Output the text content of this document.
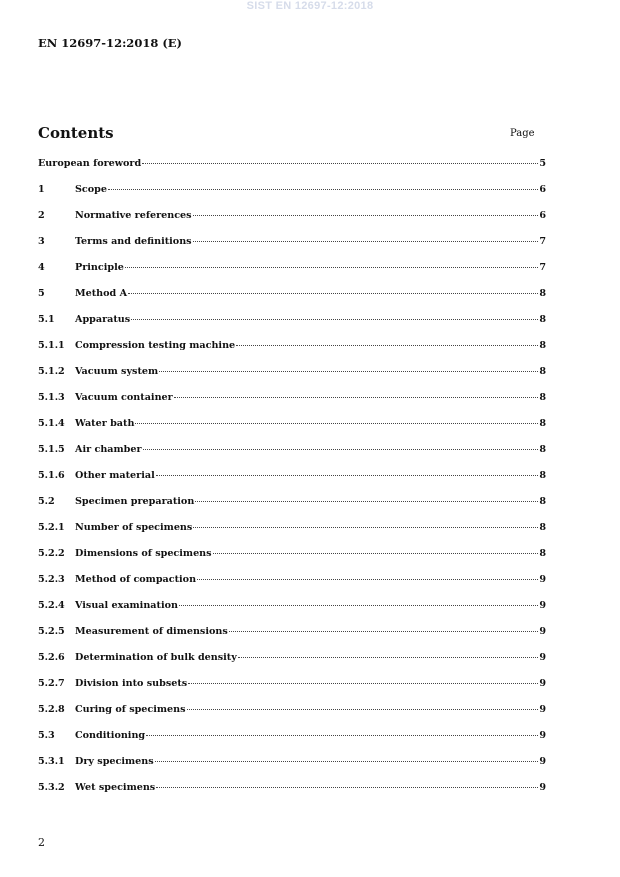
SIST EN 12697-12:2018
EN 12697-12:2018 (E)
Contents	Page
European foreword	5
1	Scope	6
2	Normative references	6
3	Terms and definitions	7
4	Principle	7
5	Method A	8
5.1	Apparatus	8
5.1.1	Compression testing machine	8
5.1.2	Vacuum system	8
5.1.3	Vacuum container	8
5.1.4	Water bath	8
5.1.5	Air chamber	8
5.1.6	Other material	8
5.2	Specimen preparation	8
5.2.1	Number of specimens	8
5.2.2	Dimensions of specimens	8
5.2.3	Method of compaction	9
5.2.4	Visual examination	9
5.2.5	Measurement of dimensions	9
5.2.6	Determination of bulk density	9
5.2.7	Division into subsets	9
5.2.8	Curing of specimens	9
5.3	Conditioning	9
5.3.1	Dry specimens	9
5.3.2	Wet specimens	9
2
